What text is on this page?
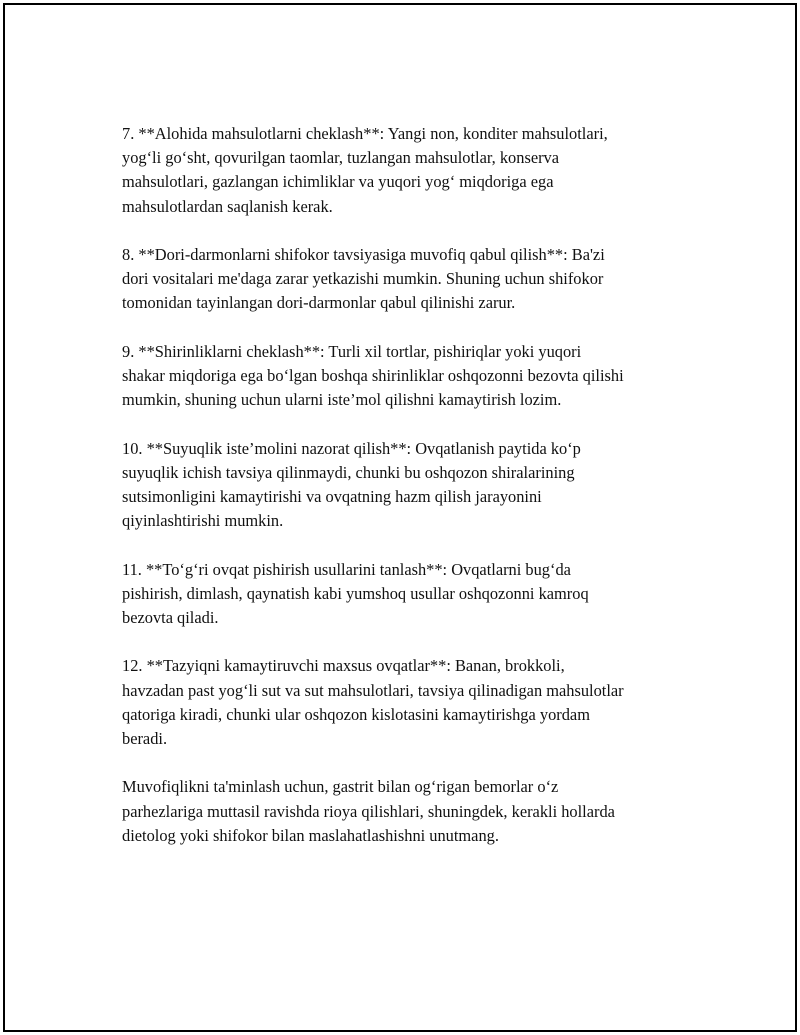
7. **Alohida mahsulotlarni cheklash**: Yangi non, konditer mahsulotlari,
yog‘li go‘sht, qovurilgan taomlar, tuzlangan mahsulotlar, konserva
mahsulotlari, gazlangan ichimliklar va yuqori yog‘ miqdoriga ega
mahsulotlardan saqlanish kerak.

8. **Dori-darmonlarni shifokor tavsiyasiga muvofiq qabul qilish**: Ba'zi
dori vositalari me'daga zarar yetkazishi mumkin. Shuning uchun shifokor
tomonidan tayinlangan dori-darmonlar qabul qilinishi zarur.

9. **Shirinliklarni cheklash**: Turli xil tortlar, pishiriqlar yoki yuqori
shakar miqdoriga ega bo‘lgan boshqa shirinliklar oshqozonni bezovta qilishi
mumkin, shuning uchun ularni iste’mol qilishni kamaytirish lozim.

10. **Suyuqlik iste’molini nazorat qilish**: Ovqatlanish paytida ko‘p
suyuqlik ichish tavsiya qilinmaydi, chunki bu oshqozon shiralarining
sutsimonligini kamaytirishi va ovqatning hazm qilish jarayonini
qiyinlashtirishi mumkin.

11. **To‘g‘ri ovqat pishirish usullarini tanlash**: Ovqatlarni bug‘da
pishirish, dimlash, qaynatish kabi yumshoq usullar oshqozonni kamroq
bezovta qiladi.

12. **Tazyiqni kamaytiruvchi maxsus ovqatlar**: Banan, brokkoli,
havzadan past yog‘li sut va sut mahsulotlari, tavsiya qilinadigan mahsulotlar
qatoriga kiradi, chunki ular oshqozon kislotasini kamaytirishga yordam
beradi.

Muvofiqlikni ta'minlash uchun, gastrit bilan og‘rigan bemorlar o‘z
parhezlariga muttasil ravishda rioya qilishlari, shuningdek, kerakli hollarda
dietolog yoki shifokor bilan maslahatlashishni unutmang.
